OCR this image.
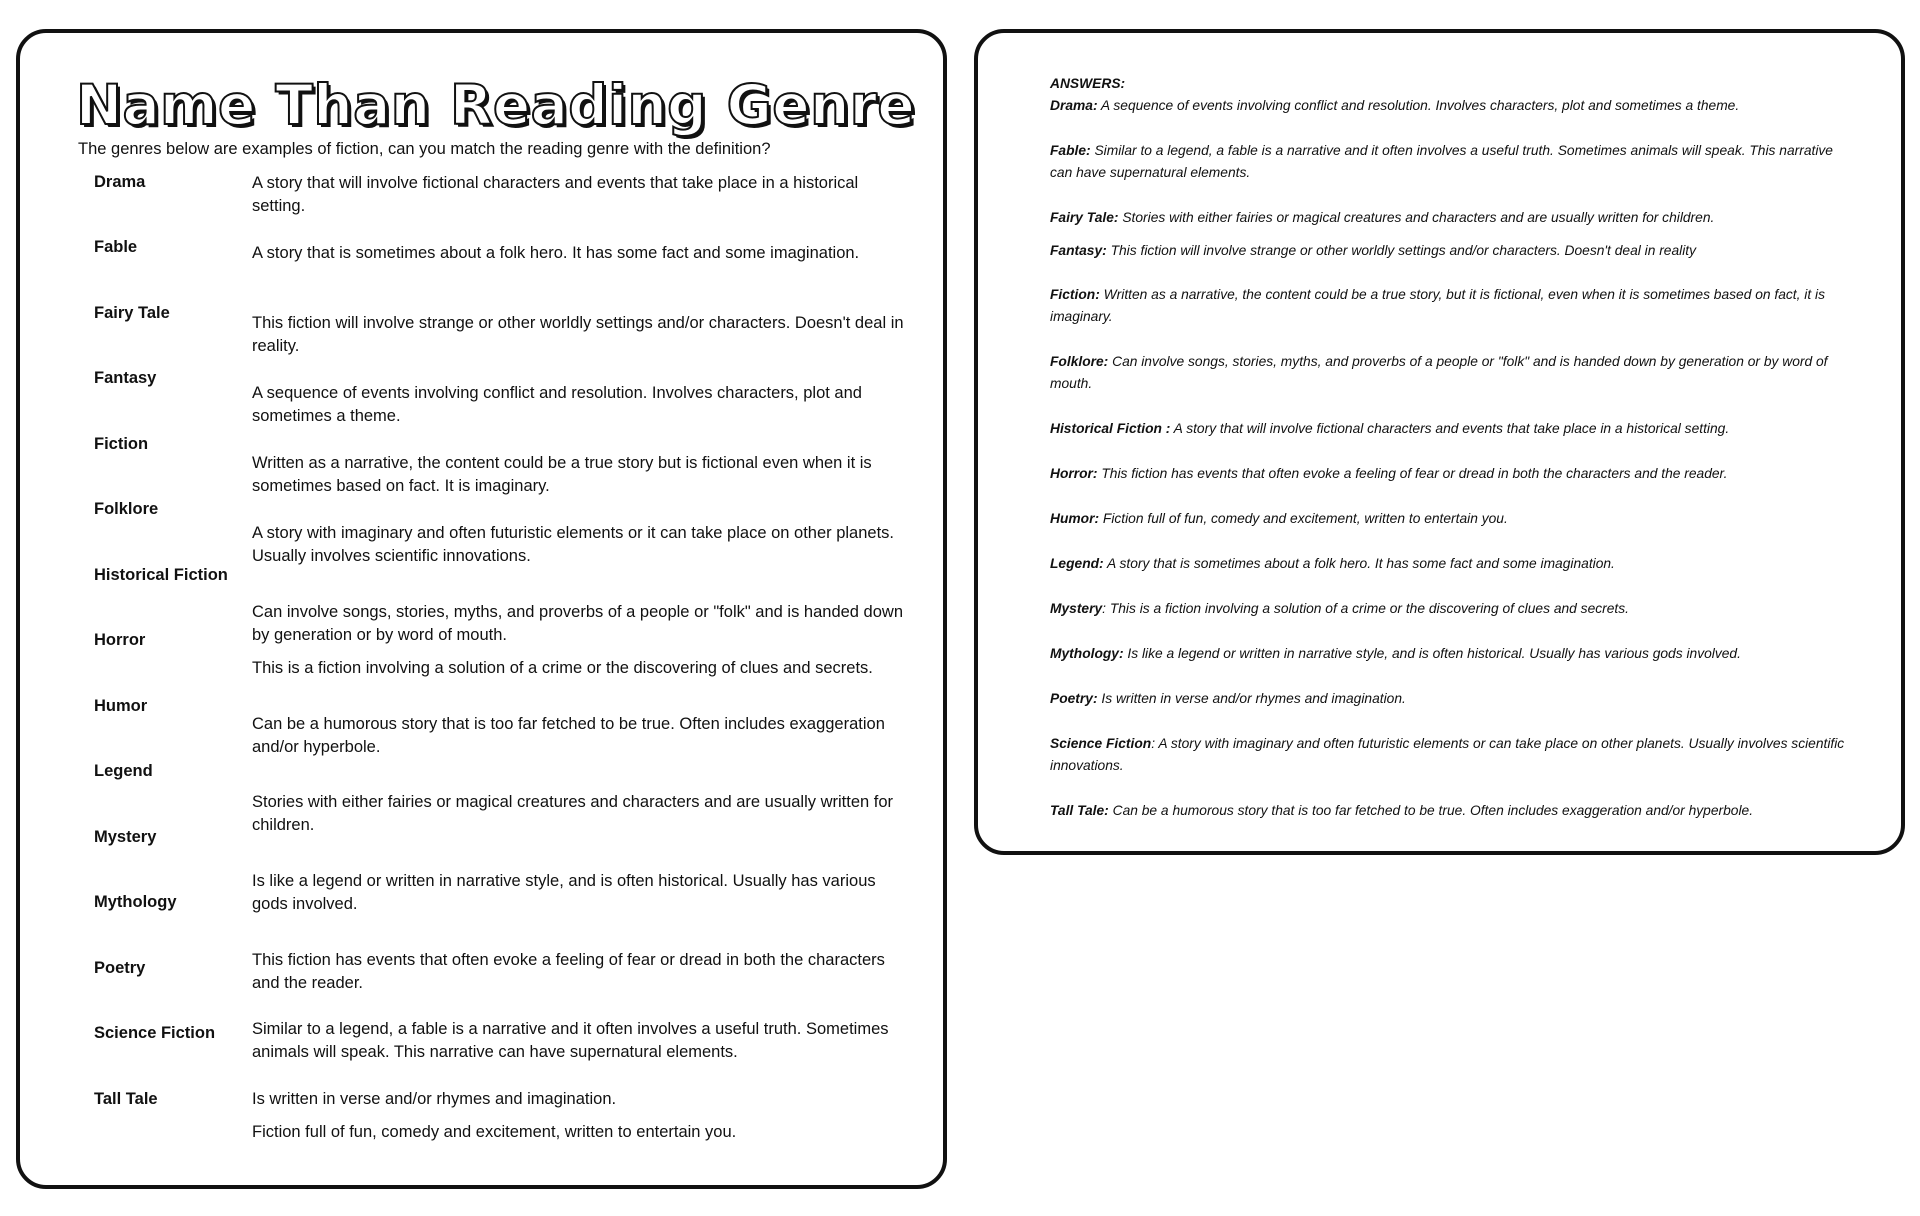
Name Than Reading Genre
The genres below are examples of fiction, can you match the reading genre with the definition?
Drama
Fable
Fairy Tale
Fantasy
Fiction
Folklore
Historical Fiction
Horror
Humor
Legend
Mystery
Mythology
Poetry
Science Fiction
Tall Tale
A story that will involve fictional characters and events that take place in a historical setting.
A story that is sometimes about a folk hero. It has some fact and some imagination.
This fiction will involve strange or other worldly settings and/or characters. Doesn't deal in reality.
A sequence of events involving conflict and resolution. Involves characters, plot and sometimes a theme.
Written as a narrative, the content could be a true story but is fictional even when it is sometimes based on fact. It is imaginary.
A story with imaginary and often futuristic elements or it can take place on other planets. Usually involves scientific innovations.
Can involve songs, stories, myths, and proverbs of a people or "folk" and is handed down by generation or by word of mouth.
This is a fiction involving a solution of a crime or the discovering of clues and secrets.
Can be a humorous story that is too far fetched to be true. Often includes exaggeration and/or hyperbole.
Stories with either fairies or magical creatures and characters and are usually written for children.
Is like a legend or written in narrative style, and is often historical. Usually has various gods involved.
This fiction has events that often evoke a feeling of fear or dread in both the characters and the reader.
Similar to a legend, a fable is a narrative and it often involves a useful truth. Sometimes animals will speak. This narrative can have supernatural elements.
Is written in verse and/or rhymes and imagination.
Fiction full of fun, comedy and excitement, written to entertain you.
ANSWERS:

Drama: A sequence of events involving conflict and resolution. Involves characters, plot and sometimes a theme.

Fable: Similar to a legend, a fable is a narrative and it often involves a useful truth. Sometimes animals will speak. This narrative can have supernatural elements.

Fairy Tale: Stories with either fairies or magical creatures and characters and are usually written for children.

Fantasy: This fiction will involve strange or other worldly settings and/or characters. Doesn't deal in reality

Fiction: Written as a narrative, the content could be a true story, but it is fictional, even when it is sometimes based on fact, it is imaginary.

Folklore: Can involve songs, stories, myths, and proverbs of a people or "folk" and is handed down by generation or by word of mouth.

Historical Fiction : A story that will involve fictional characters and events that take place in a historical setting.

Horror: This fiction has events that often evoke a feeling of fear or dread in both the characters and the reader.

Humor: Fiction full of fun, comedy and excitement, written to entertain you.

Legend: A story that is sometimes about a folk hero. It has some fact and some imagination.

Mystery: This is a fiction involving a solution of a crime or the discovering of clues and secrets.

Mythology: Is like a legend or written in narrative style, and is often historical. Usually has various gods involved.

Poetry: Is written in verse and/or rhymes and imagination.

Science Fiction: A story with imaginary and often futuristic elements or can take place on other planets. Usually involves scientific innovations.

Tall Tale: Can be a humorous story that is too far fetched to be true. Often includes exaggeration and/or hyperbole.
